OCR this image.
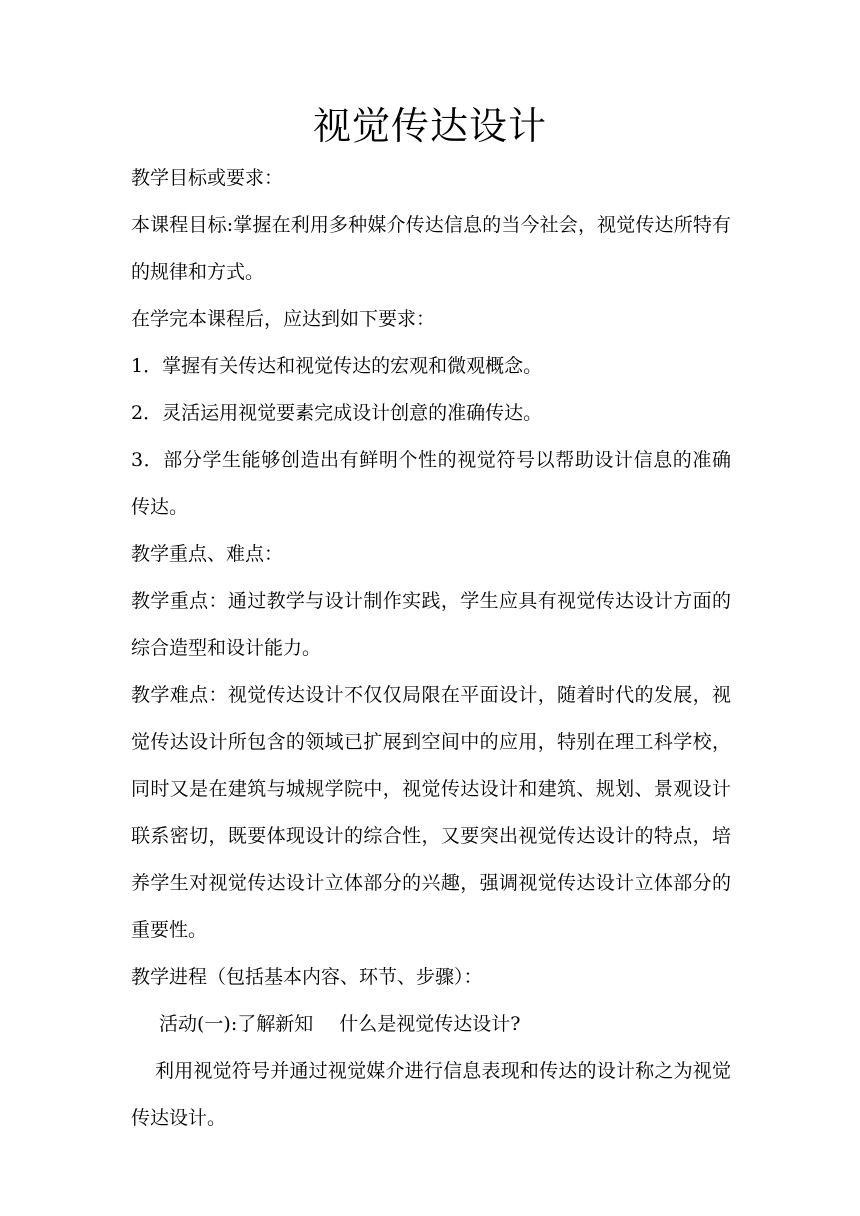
视觉传达设计

教学目标或要求：

本课程目标:掌握在利用多种媒介传达信息的当今社会，视觉传达所特有的规律和方式。

在学完本课程后，应达到如下要求：

1．掌握有关传达和视觉传达的宏观和微观概念。

2．灵活运用视觉要素完成设计创意的准确传达。

3．部分学生能够创造出有鲜明个性的视觉符号以帮助设计信息的准确传达。

教学重点、难点：

教学重点：通过教学与设计制作实践，学生应具有视觉传达设计方面的综合造型和设计能力。

教学难点：视觉传达设计不仅仅局限在平面设计，随着时代的发展，视觉传达设计所包含的领域已扩展到空间中的应用，特别在理工科学校，同时又是在建筑与城规学院中，视觉传达设计和建筑、规划、景观设计联系密切，既要体现设计的综合性，又要突出视觉传达设计的特点，培养学生对视觉传达设计立体部分的兴趣，强调视觉传达设计立体部分的重要性。

教学进程（包括基本内容、环节、步骤）：

活动(一):了解新知 什么是视觉传达设计?

利用视觉符号并通过视觉媒介进行信息表现和传达的设计称之为视觉传达设计。
